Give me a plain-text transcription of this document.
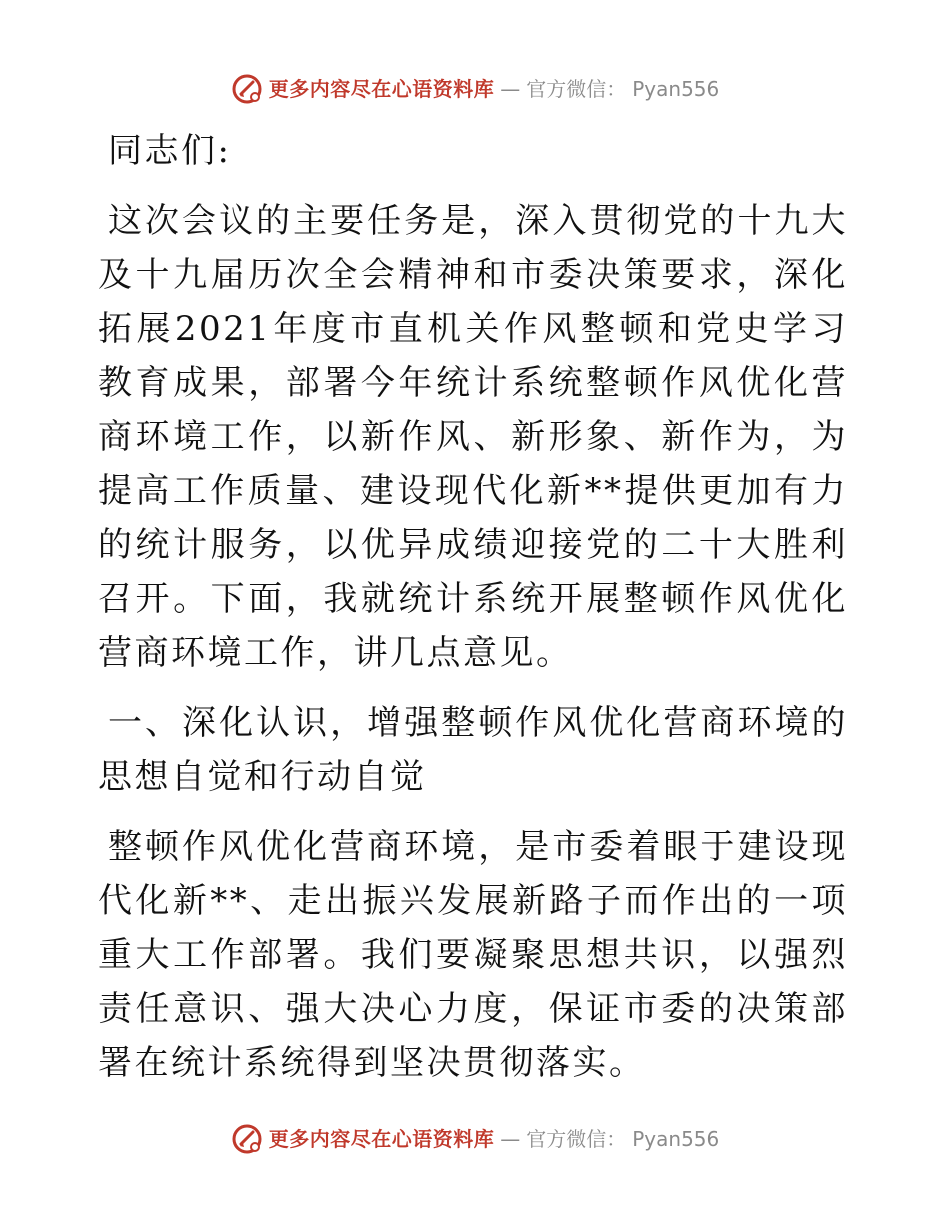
更多内容尽在心语资料库 — 官方微信： Pyan556

同志们:

这次会议的主要任务是，深入贯彻党的十九大及十九届历次全会精神和市委决策要求，深化拓展2021年度市直机关作风整顿和党史学习教育成果，部署今年统计系统整顿作风优化营商环境工作，以新作风、新形象、新作为，为提高工作质量、建设现代化新**提供更加有力的统计服务，以优异成绩迎接党的二十大胜利召开。下面，我就统计系统开展整顿作风优化营商环境工作，讲几点意见。

一、深化认识，增强整顿作风优化营商环境的思想自觉和行动自觉

整顿作风优化营商环境，是市委着眼于建设现代化新**、走出振兴发展新路子而作出的一项重大工作部署。我们要凝聚思想共识，以强烈责任意识、强大决心力度，保证市委的决策部署在统计系统得到坚决贯彻落实。

更多内容尽在心语资料库 — 官方微信： Pyan556
